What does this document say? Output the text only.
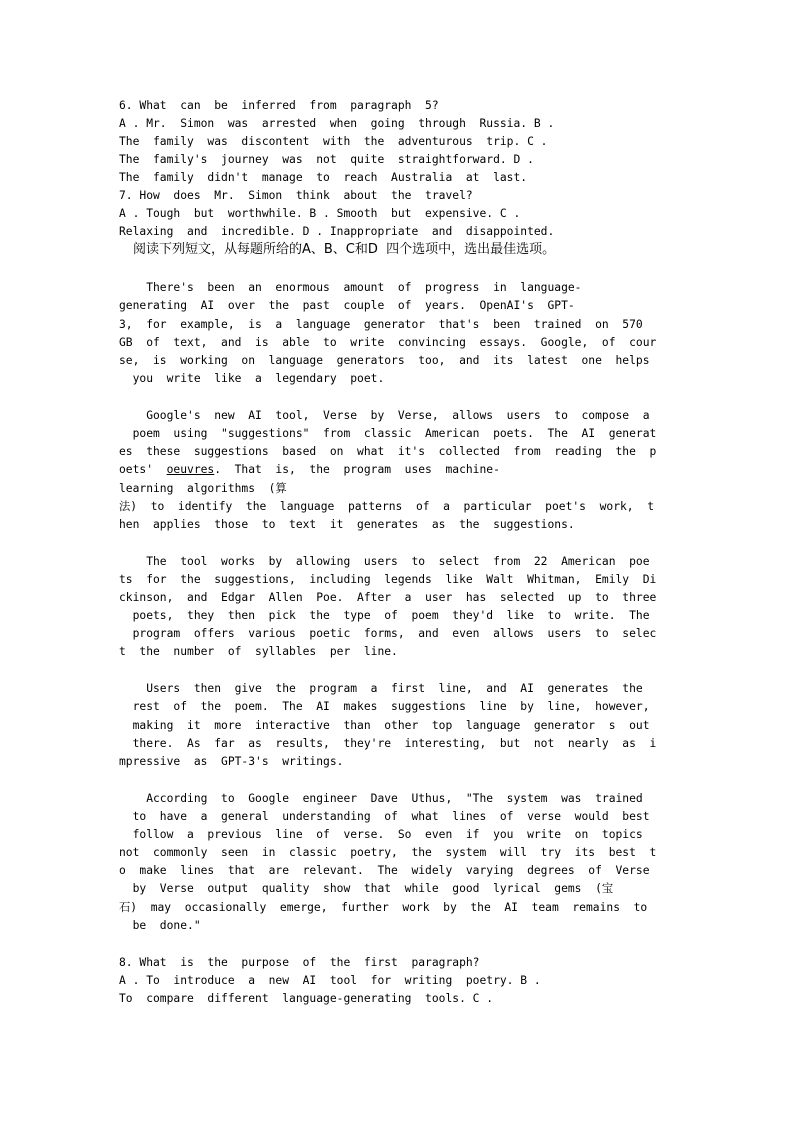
6. What  can  be  inferred  from  paragraph  5?
A . Mr.  Simon  was  arrested  when  going  through  Russia. B .
The  family  was  discontent  with  the  adventurous  trip. C .
The  family's  journey  was  not  quite  straightforward. D .
The  family  didn't  manage  to  reach  Australia  at  last.
7. How  does  Mr.  Simon  think  about  the  travel?
A . Tough  but  worthwhile. B . Smooth  but  expensive. C .
Relaxing  and  incredible. D . Inappropriate  and  disappointed.
阅读下列短文，从每题所给的A、B、C和D  四个选项中，选出最佳选项。
There's  been  an  enormous  amount  of  progress  in  language-
generating  AI  over  the  past  couple  of  years.  OpenAI's  GPT-
3,  for  example,  is  a  language  generator  that's  been  trained  on  570
GB  of  text,  and  is  able  to  write  convincing  essays.  Google,  of  cour
se,  is  working  on  language  generators  too,  and  its  latest  one  helps
you  write  like  a  legendary  poet.
Google's  new  AI  tool,  Verse  by  Verse,  allows  users  to  compose  a
poem  using  "suggestions"  from  classic  American  poets.  The  AI  generat
es  these  suggestions  based  on  what  it's  collected  from  reading  the  p
oets'  oeuvres.  That  is,  the  program  uses  machine-
learning  algorithms  (算
法)  to  identify  the  language  patterns  of  a  particular  poet's  work,  t
hen  applies  those  to  text  it  generates  as  the  suggestions.
The  tool  works  by  allowing  users  to  select  from  22  American  poe
ts  for  the  suggestions,  including  legends  like  Walt  Whitman,  Emily  Di
ckinson,  and  Edgar  Allen  Poe.  After  a  user  has  selected  up  to  three
poets,  they  then  pick  the  type  of  poem  they'd  like  to  write.  The
program  offers  various  poetic  forms,  and  even  allows  users  to  selec
t  the  number  of  syllables  per  line.
Users  then  give  the  program  a  first  line,  and  AI  generates  the
rest  of  the  poem.  The  AI  makes  suggestions  line  by  line,  however,
making  it  more  interactive  than  other  top  language  generator  s  out
there.  As  far  as  results,  they're  interesting,  but  not  nearly  as  i
mpressive  as  GPT-3's  writings.
According  to  Google  engineer  Dave  Uthus,  "The  system  was  trained
to  have  a  general  understanding  of  what  lines  of  verse  would  best
follow  a  previous  line  of  verse.  So  even  if  you  write  on  topics
not  commonly  seen  in  classic  poetry,  the  system  will  try  its  best  t
o  make  lines  that  are  relevant.  The  widely  varying  degrees  of  Verse
by  Verse  output  quality  show  that  while  good  lyrical  gems  (宝
石)  may  occasionally  emerge,  further  work  by  the  AI  team  remains  to
be  done."
8. What  is  the  purpose  of  the  first  paragraph?
A . To  introduce  a  new  AI  tool  for  writing  poetry. B .
To  compare  different  language-generating  tools. C .
